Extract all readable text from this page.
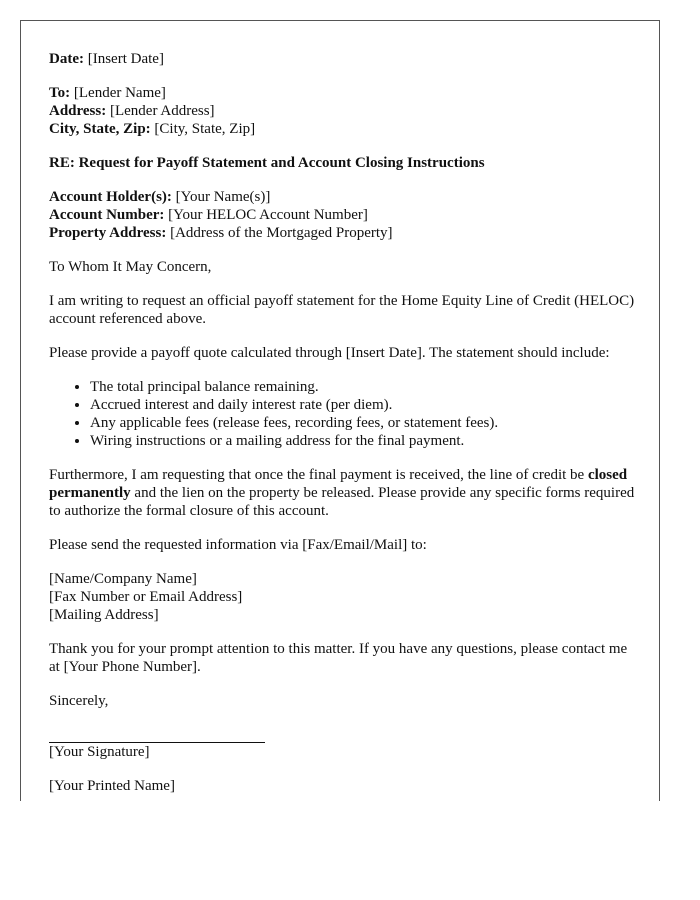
Date: [Insert Date]

To: [Lender Name]
Address: [Lender Address]
City, State, Zip: [City, State, Zip]

RE: Request for Payoff Statement and Account Closing Instructions

Account Holder(s): [Your Name(s)]
Account Number: [Your HELOC Account Number]
Property Address: [Address of the Mortgaged Property]

To Whom It May Concern,

I am writing to request an official payoff statement for the Home Equity Line of Credit (HELOC) account referenced above.

Please provide a payoff quote calculated through [Insert Date]. The statement should include:

• The total principal balance remaining.
• Accrued interest and daily interest rate (per diem).
• Any applicable fees (release fees, recording fees, or statement fees).
• Wiring instructions or a mailing address for the final payment.

Furthermore, I am requesting that once the final payment is received, the line of credit be closed permanently and the lien on the property be released. Please provide any specific forms required to authorize the formal closure of this account.

Please send the requested information via [Fax/Email/Mail] to:

[Name/Company Name]
[Fax Number or Email Address]
[Mailing Address]

Thank you for your prompt attention to this matter. If you have any questions, please contact me at [Your Phone Number].

Sincerely,

[Your Signature]

[Your Printed Name]
